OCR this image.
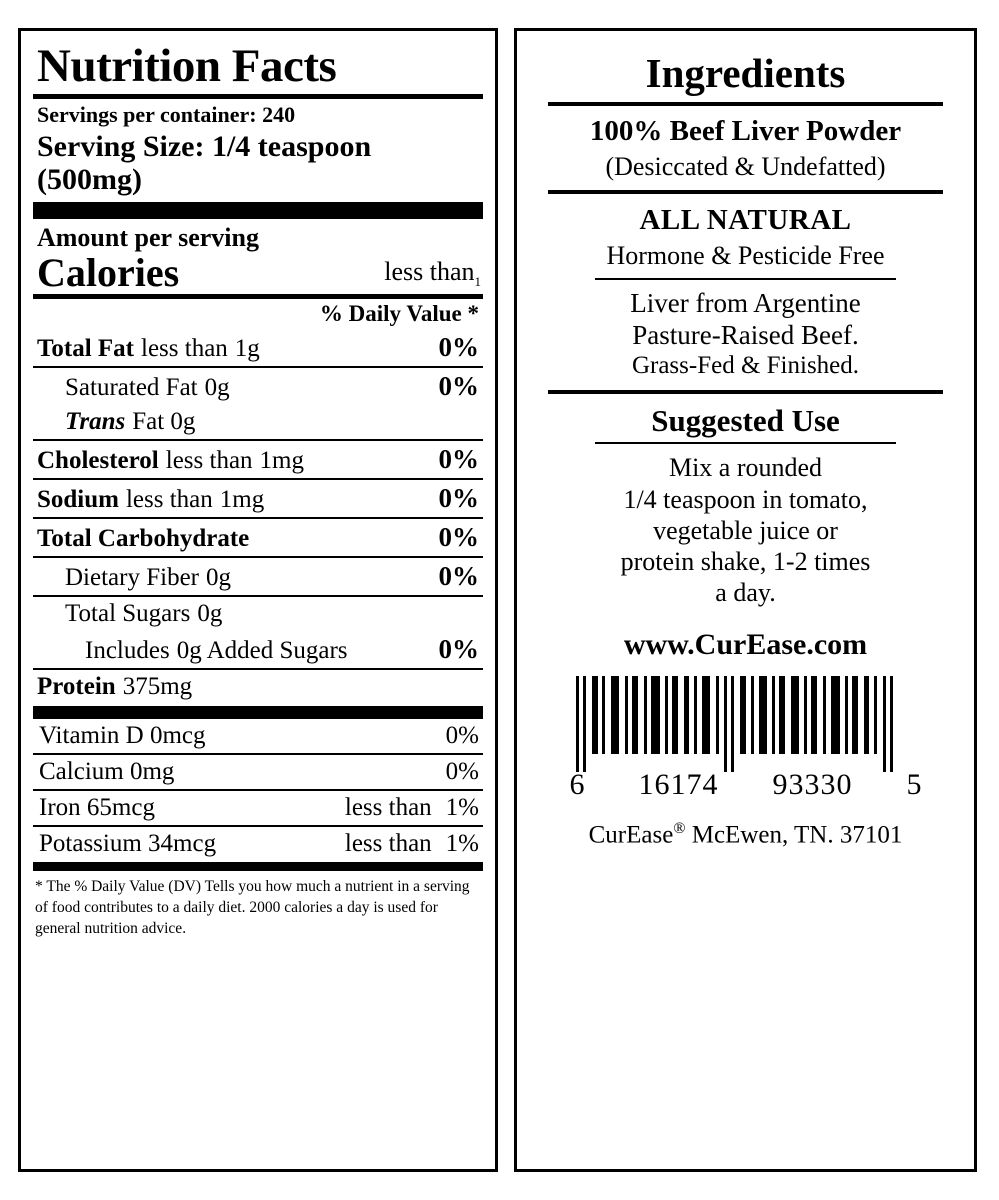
Nutrition Facts
Servings per container: 240
Serving Size: 1/4 teaspoon (500mg)
Amount per serving
Calories	less than$_1$
% Daily Value *
Total Fat less than 1g	0%
Saturated Fat 0g	0%
Trans Fat 0g
Cholesterol less than 1mg	0%
Sodium less than 1mg	0%
Total Carbohydrate	0%
Dietary Fiber 0g	0%
Total Sugars 0g
Includes 0g Added Sugars	0%
Protein 375mg
Vitamin D 0mcg	0%
Calcium 0mg	0%
Iron 65mcg	less than 1%
Potassium 34mcg	less than 1%
* The % Daily Value (DV) Tells you how much a nutrient in a serving of food contributes to a daily diet. 2000 calories a day is used for general nutrition advice.
Ingredients
100% Beef Liver Powder
(Desiccated & Undefatted)
ALL NATURAL
Hormone & Pesticide Free
Liver from Argentine
Pasture-Raised Beef.
Grass-Fed & Finished.
Suggested Use
Mix a rounded
1/4 teaspoon in tomato,
vegetable juice or
protein shake, 1-2 times
a day.
www.CurEase.com
6 16174 93330 5
CurEase® McEwen, TN. 37101
